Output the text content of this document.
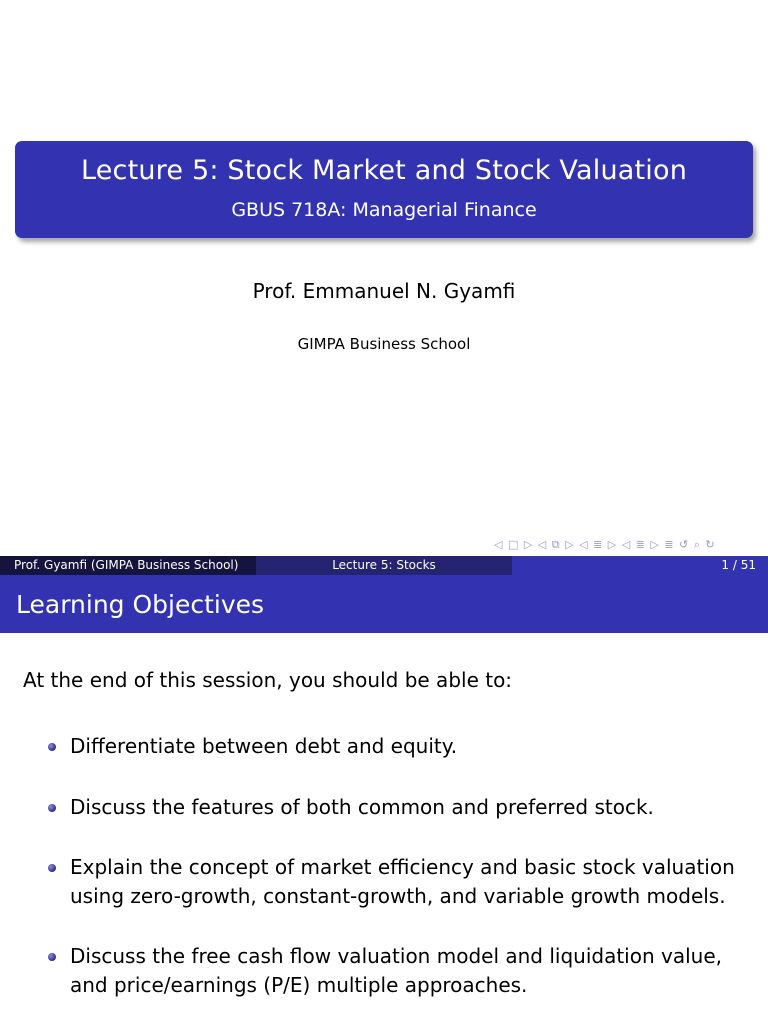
Lecture 5: Stock Market and Stock Valuation
GBUS 718A: Managerial Finance
Prof. Emmanuel N. Gyamfi
GIMPA Business School
◁ □ ▷ ◁ ⧉ ▷ ◁ ≣ ▷ ◁ ≣ ▷ ≣ ↺ ⌕ ↻
Prof. Gyamfi (GIMPA Business School)	Lecture 5: Stocks	1 / 51
Learning Objectives
At the end of this session, you should be able to:
Differentiate between debt and equity.
Discuss the features of both common and preferred stock.
Explain the concept of market efficiency and basic stock valuation using zero-growth, constant-growth, and variable growth models.
Discuss the free cash flow valuation model and liquidation value, and price/earnings (P/E) multiple approaches.
